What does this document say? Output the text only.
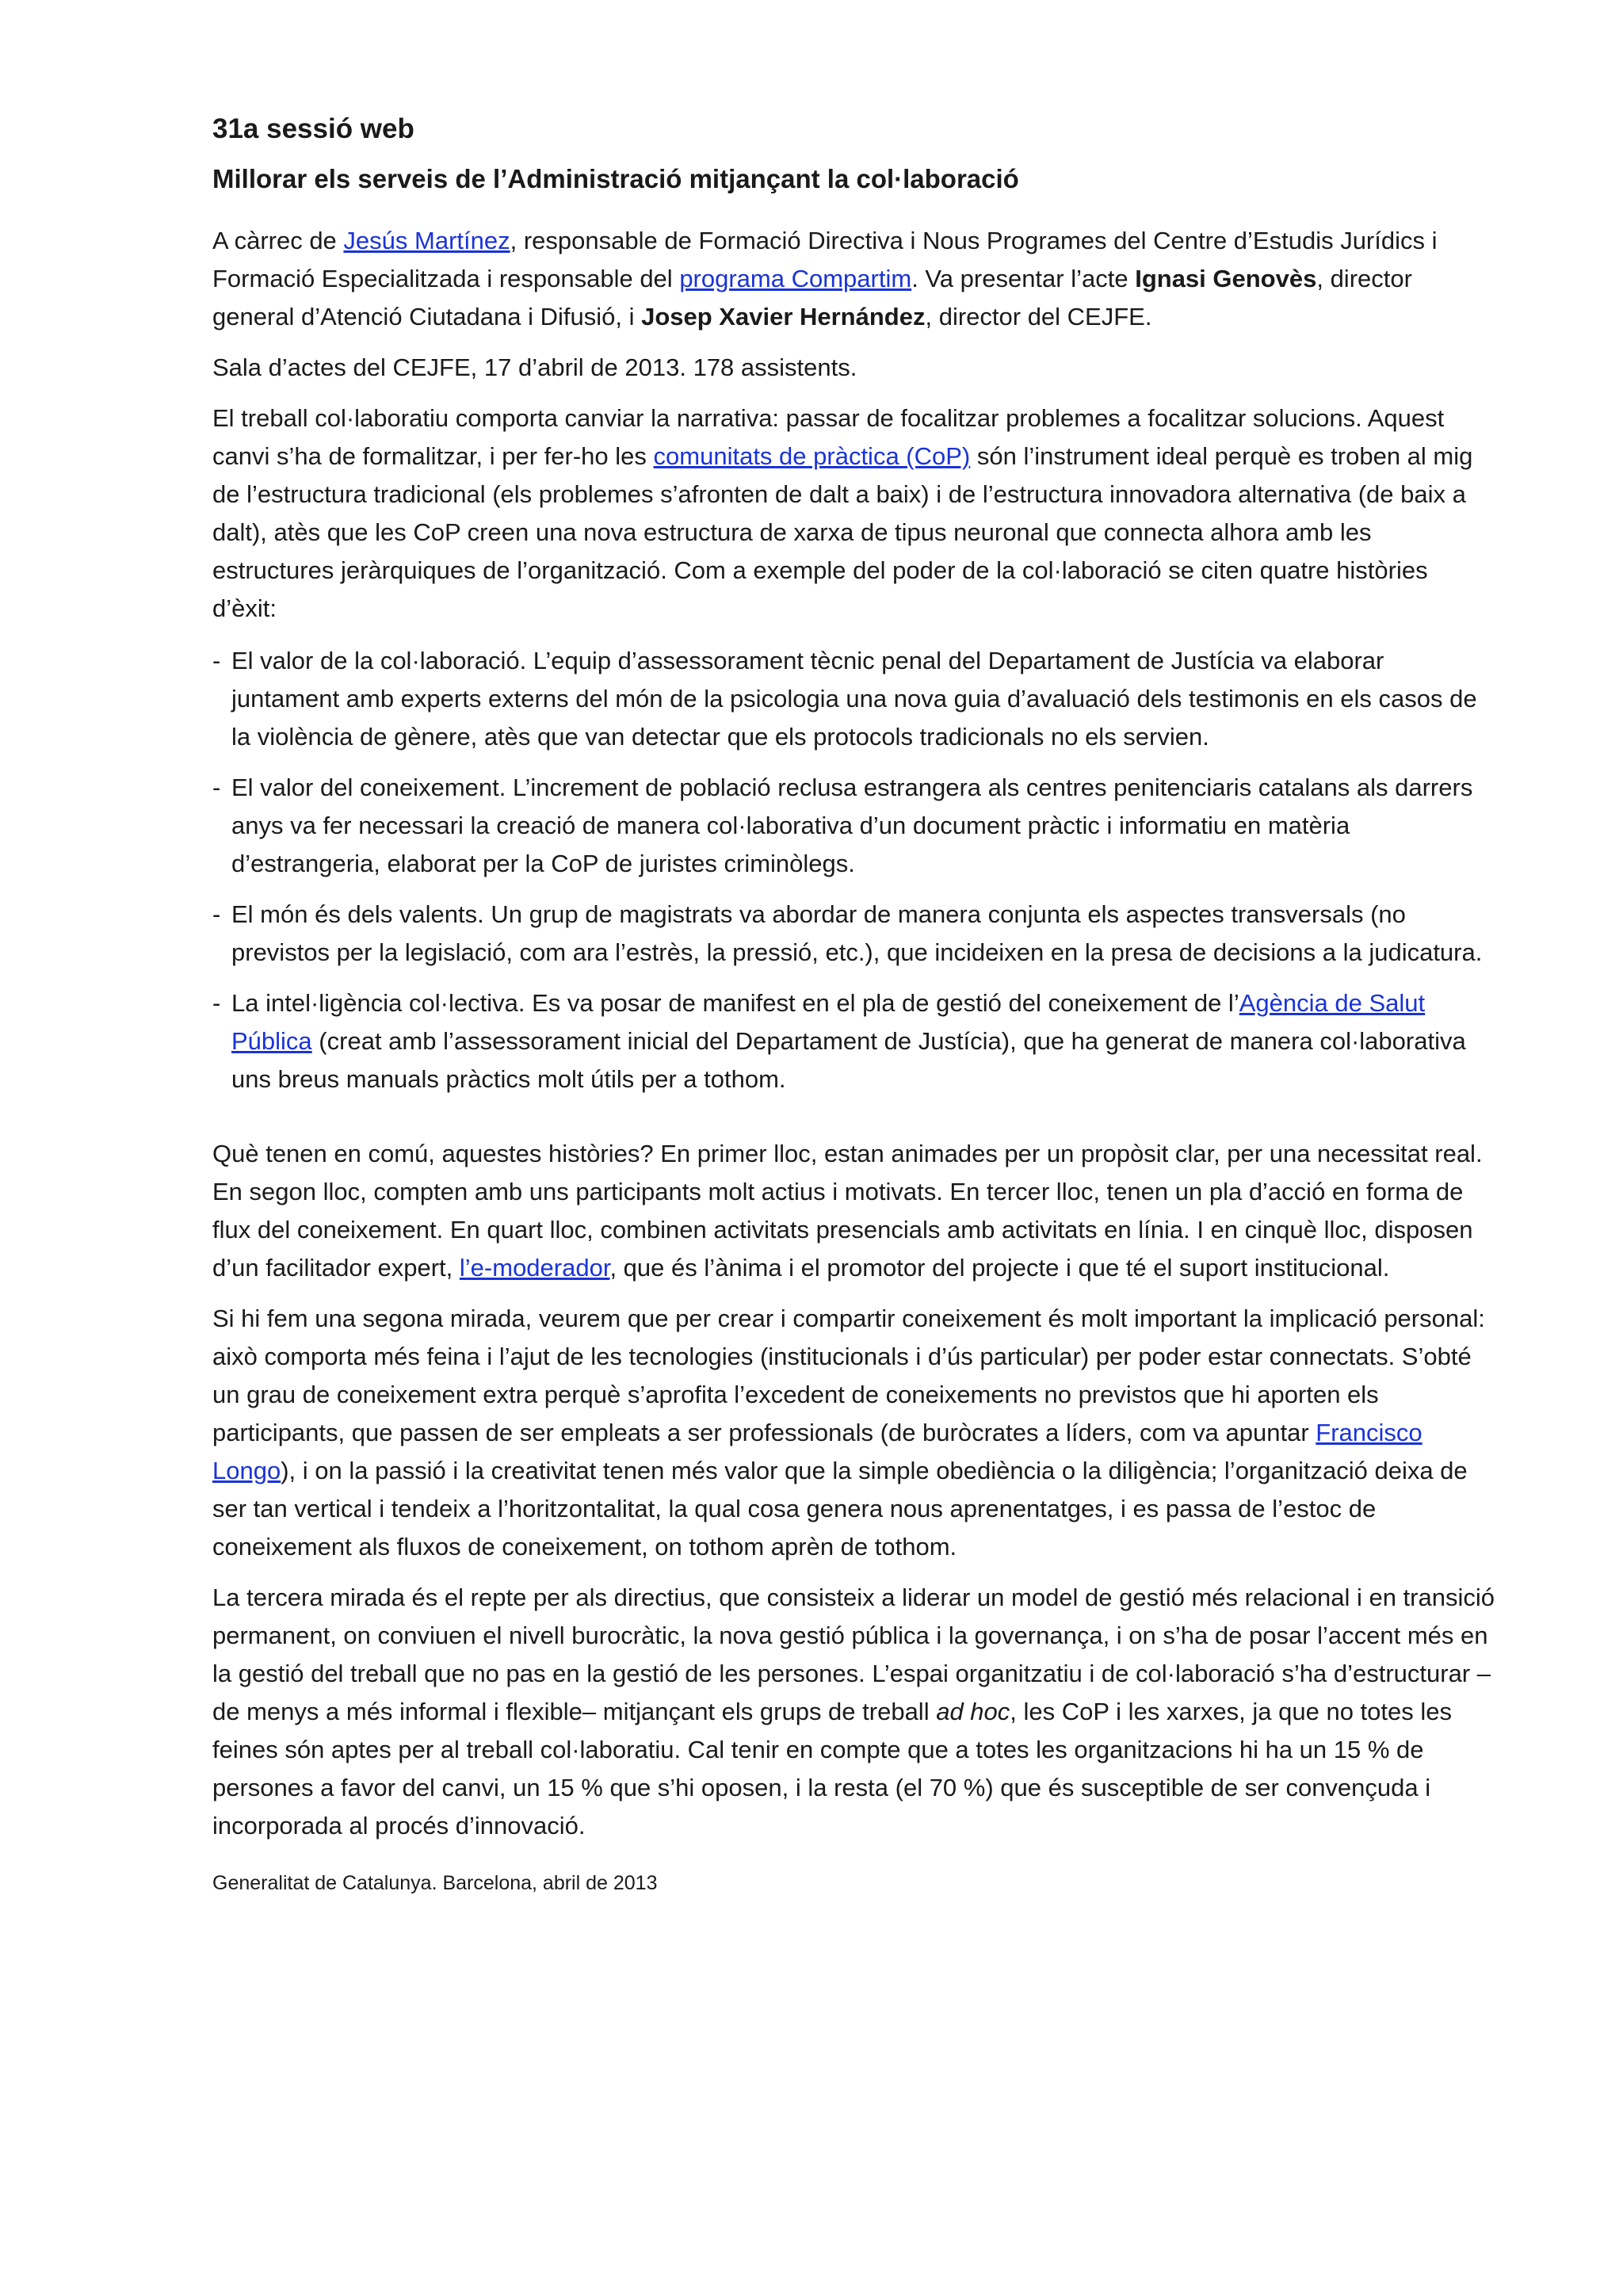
31a sessió web
Millorar els serveis de l’Administració mitjançant la col·laboració

A càrrec de Jesús Martínez, responsable de Formació Directiva i Nous Programes del Centre d’Estudis Jurídics i Formació Especialitzada i responsable del programa Compartim. Va presentar l’acte Ignasi Genovès, director general d’Atenció Ciutadana i Difusió, i Josep Xavier Hernández, director del CEJFE.

Sala d’actes del CEJFE, 17 d’abril de 2013. 178 assistents.

El treball col·laboratiu comporta canviar la narrativa: passar de focalitzar problemes a focalitzar solucions. Aquest canvi s’ha de formalitzar, i per fer-ho les comunitats de pràctica (CoP) són l’instrument ideal perquè es troben al mig de l’estructura tradicional (els problemes s’afronten de dalt a baix) i de l’estructura innovadora alternativa (de baix a dalt), atès que les CoP creen una nova estructura de xarxa de tipus neuronal que connecta alhora amb les estructures jeràrquiques de l’organització. Com a exemple del poder de la col·laboració se citen quatre històries d’èxit:

- El valor de la col·laboració. L’equip d’assessorament tècnic penal del Departament de Justícia va elaborar juntament amb experts externs del món de la psicologia una nova guia d’avaluació dels testimonis en els casos de la violència de gènere, atès que van detectar que els protocols tradicionals no els servien.
- El valor del coneixement. L’increment de població reclusa estrangera als centres penitenciaris catalans als darrers anys va fer necessari la creació de manera col·laborativa d’un document pràctic i informatiu en matèria d’estrangeria, elaborat per la CoP de juristes criminòlegs.
- El món és dels valents. Un grup de magistrats va abordar de manera conjunta els aspectes transversals (no previstos per la legislació, com ara l’estrès, la pressió, etc.), que incideixen en la presa de decisions a la judicatura.
- La intel·ligència col·lectiva. Es va posar de manifest en el pla de gestió del coneixement de l’Agència de Salut Pública (creat amb l’assessorament inicial del Departament de Justícia), que ha generat de manera col·laborativa uns breus manuals pràctics molt útils per a tothom.

Què tenen en comú, aquestes històries? En primer lloc, estan animades per un propòsit clar, per una necessitat real. En segon lloc, compten amb uns participants molt actius i motivats. En tercer lloc, tenen un pla d’acció en forma de flux del coneixement. En quart lloc, combinen activitats presencials amb activitats en línia. I en cinquè lloc, disposen d’un facilitador expert, l’e-moderador, que és l’ànima i el promotor del projecte i que té el suport institucional.

Si hi fem una segona mirada, veurem que per crear i compartir coneixement és molt important la implicació personal: això comporta més feina i l’ajut de les tecnologies (institucionals i d’ús particular) per poder estar connectats. S’obté un grau de coneixement extra perquè s’aprofita l’excedent de coneixements no previstos que hi aporten els participants, que passen de ser empleats a ser professionals (de buròcrates a líders, com va apuntar Francisco Longo), i on la passió i la creativitat tenen més valor que la simple obediència o la diligència; l’organització deixa de ser tan vertical i tendeix a l’horitzontalitat, la qual cosa genera nous aprenentatges, i es passa de l’estoc de coneixement als fluxos de coneixement, on tothom aprèn de tothom.

La tercera mirada és el repte per als directius, que consisteix a liderar un model de gestió més relacional i en transició permanent, on conviuen el nivell burocràtic, la nova gestió pública i la governança, i on s’ha de posar l’accent més en la gestió del treball que no pas en la gestió de les persones. L’espai organitzatiu i de col·laboració s’ha d’estructurar –de menys a més informal i flexible– mitjançant els grups de treball ad hoc, les CoP i les xarxes, ja que no totes les feines són aptes per al treball col·laboratiu. Cal tenir en compte que a totes les organitzacions hi ha un 15 % de persones a favor del canvi, un 15 % que s’hi oposen, i la resta (el 70 %) que és susceptible de ser convençuda i incorporada al procés d’innovació.

Generalitat de Catalunya. Barcelona, abril de 2013
